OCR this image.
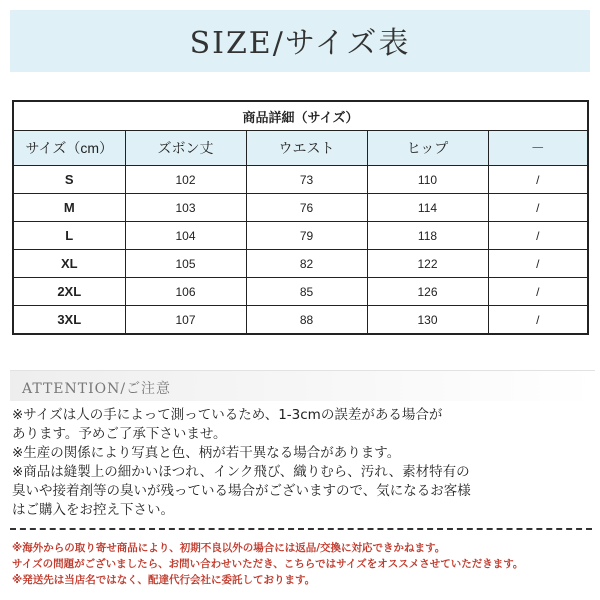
SIZE/サイズ表
商品詳細（サイズ）				
サイズ（cm）	ズボン丈	ウエスト	ヒップ	－
S	102	73	110	/
M	103	76	114	/
L	104	79	118	/
XL	105	82	122	/
2XL	106	85	126	/
3XL	107	88	130	/
ATTENTION/ご注意
※サイズは人の手によって測っているため、1-3cmの誤差がある場合が
あります。予めご了承下さいませ。
※生産の関係により写真と色、柄が若干異なる場合があります。
※商品は縫製上の細かいほつれ、インク飛び、織りむら、汚れ、素材特有の
臭いや接着剤等の臭いが残っている場合がございますので、気になるお客様
はご購入をお控え下さい。
※海外からの取り寄せ商品により、初期不良以外の場合には返品/交換に対応できかねます。
サイズの問題がございましたら、お問い合わせいただき、こちらではサイズをオススメさせていただきます。
※発送先は当店名ではなく、配達代行会社に委託しております。
